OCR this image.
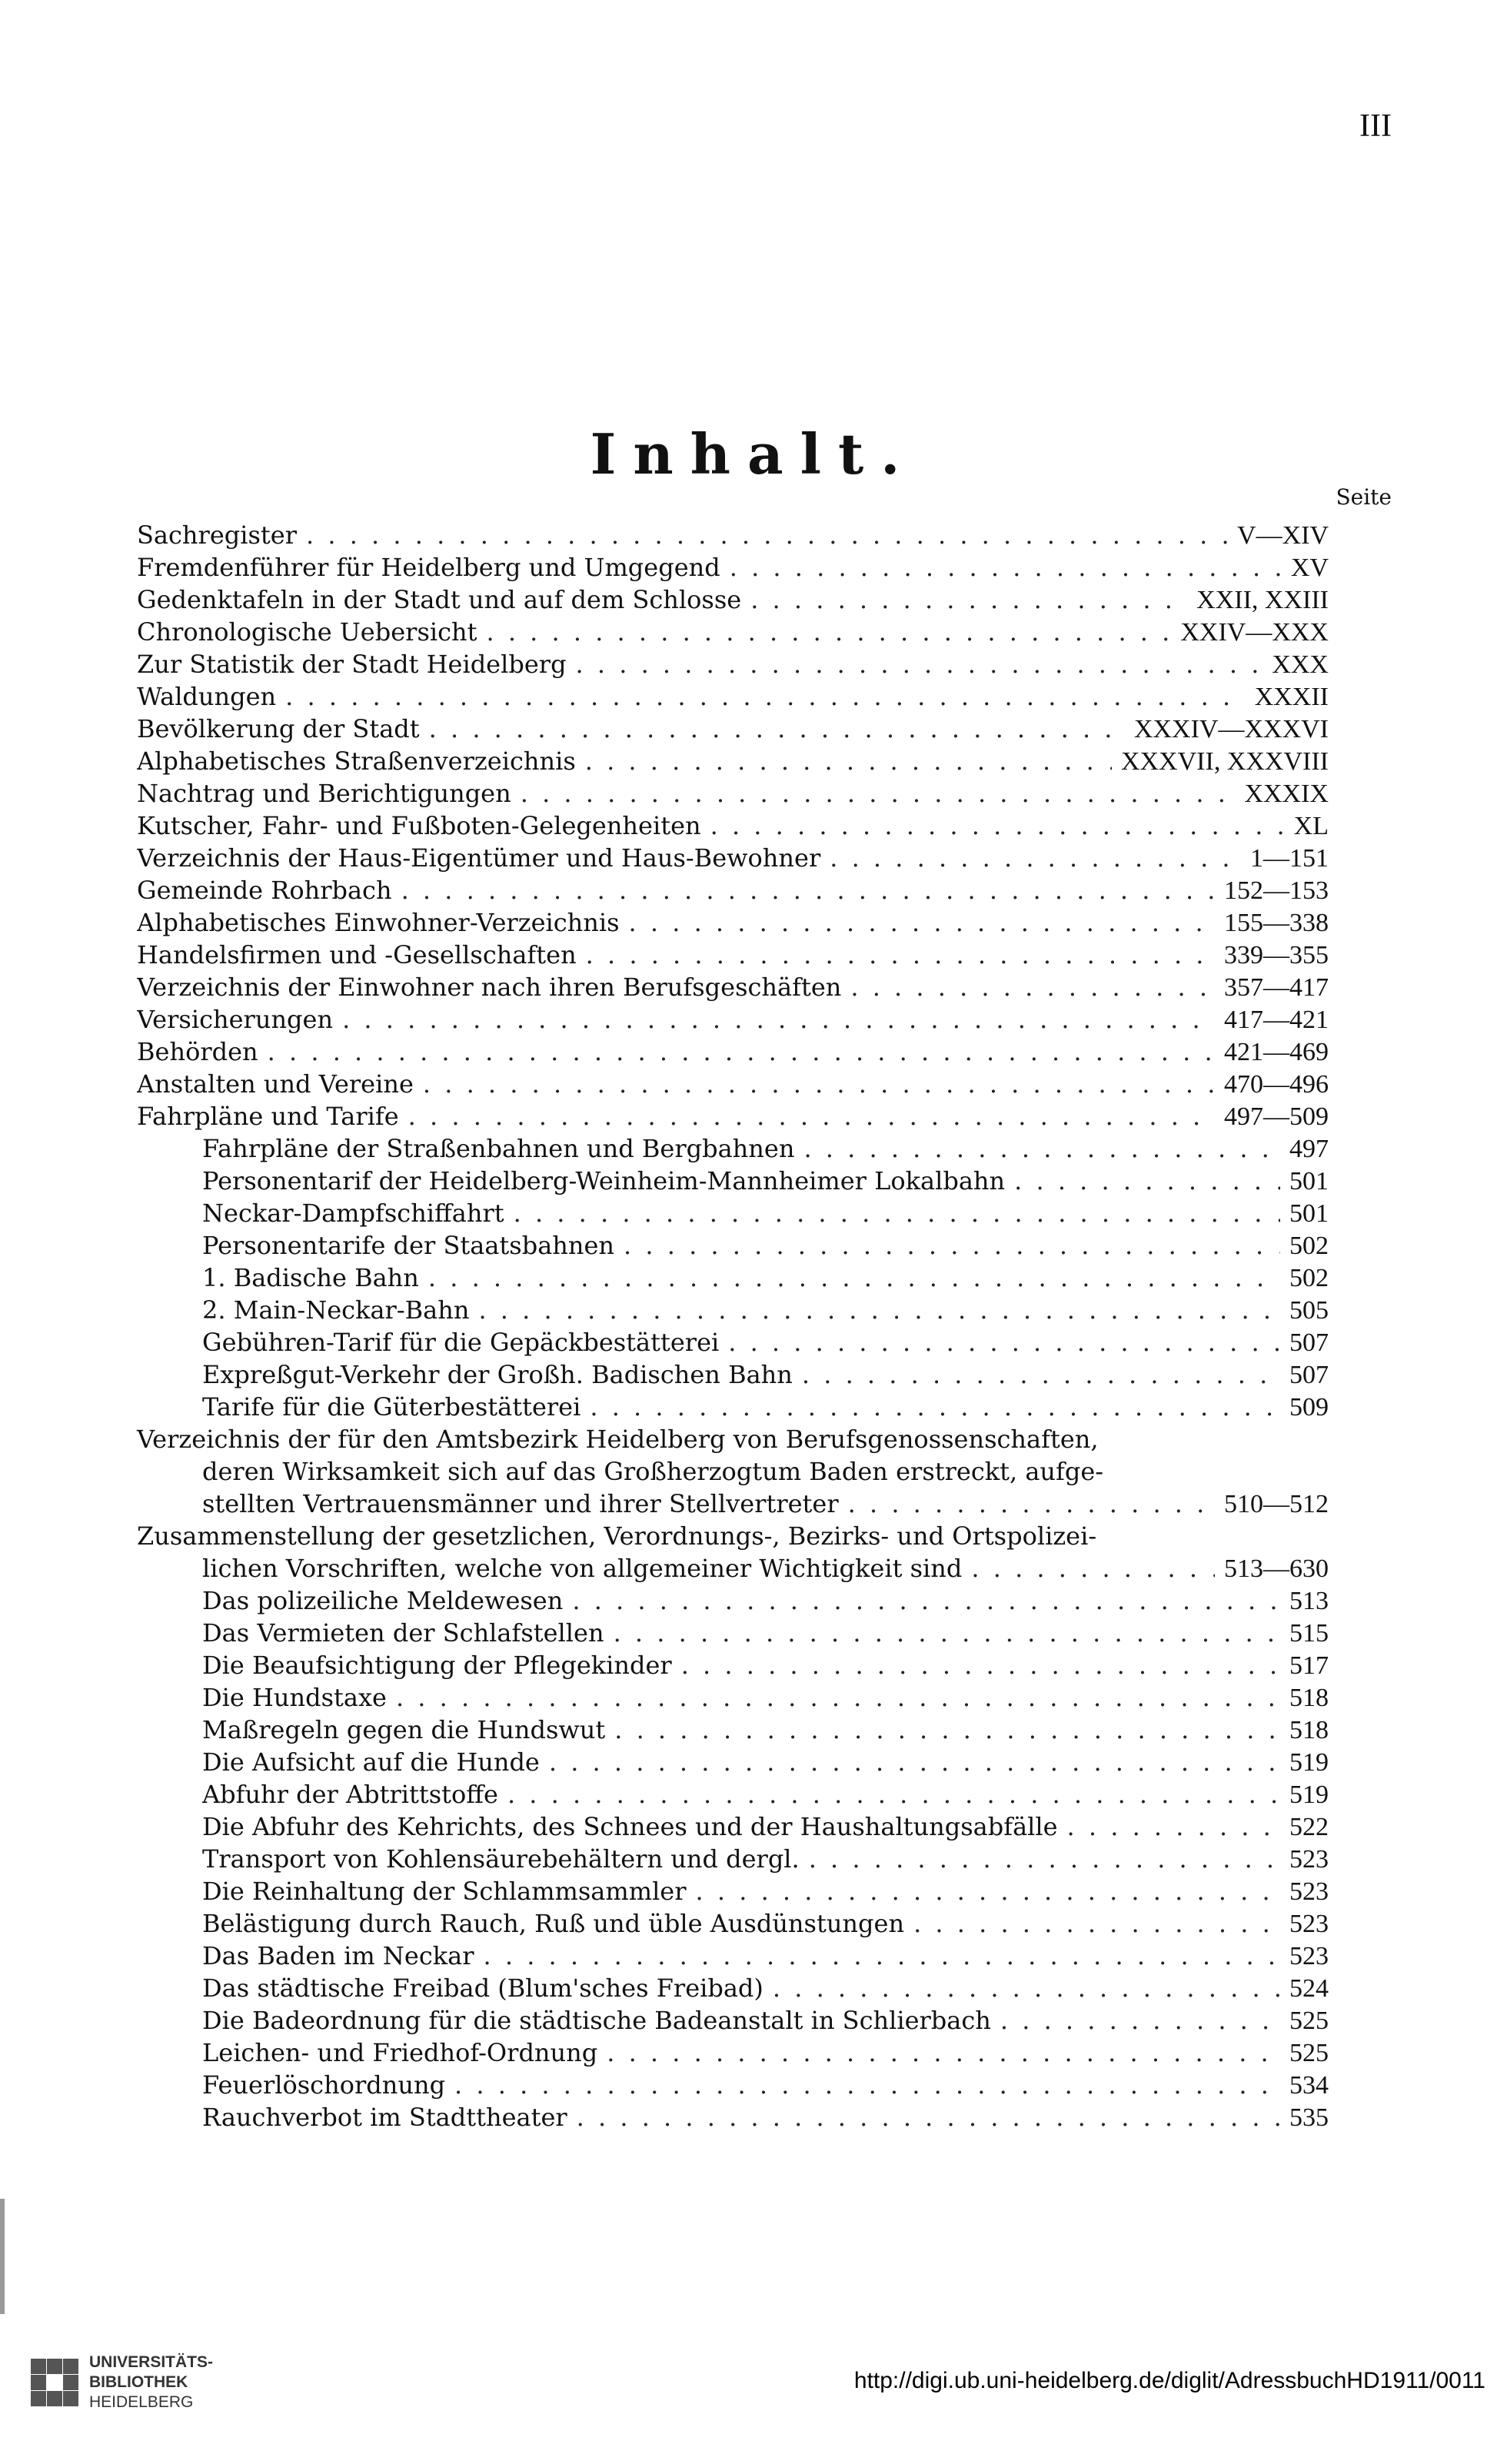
III
Inhalt.
Seite
Sachregister . . .	V—XIV
Fremdenführer für Heidelberg und Umgegend . . .	XV
Gedenktafeln in der Stadt und auf dem Schlosse . . .	XXII, XXIII
Chronologische Uebersicht . . .	XXIV—XXX
Zur Statistik der Stadt Heidelberg . . .	XXX
Waldungen . . .	XXXII
Bevölkerung der Stadt . . .	XXXIV—XXXVI
Alphabetisches Straßenverzeichnis . . .	XXXVII, XXXVIII
Nachtrag und Berichtigungen . . .	XXXIX
Kutscher, Fahr- und Fußboten-Gelegenheiten . . .	XL
Verzeichnis der Haus-Eigentümer und Haus-Bewohner . . .	1—151
Gemeinde Rohrbach . . .	152—153
Alphabetisches Einwohner-Verzeichnis . . .	155—338
Handelsfirmen und -Gesellschaften . . .	339—355
Verzeichnis der Einwohner nach ihren Berufsgeschäften . . .	357—417
Versicherungen . . .	417—421
Behörden . . .	421—469
Anstalten und Vereine . . .	470—496
Fahrpläne und Tarife . . .	497—509
Fahrpläne der Straßenbahnen und Bergbahnen . . .	497
Personentarif der Heidelberg-Weinheim-Mannheimer Lokalbahn . . .	501
Neckar-Dampfschiffahrt . . .	501
Personentarife der Staatsbahnen . . .	502
1. Badische Bahn . . .	502
2. Main-Neckar-Bahn . . .	505
Gebühren-Tarif für die Gepäckbestätterei . . .	507
Expreßgut-Verkehr der Großh. Badischen Bahn . . .	507
Tarife für die Güterbestätterei . . .	509
Verzeichnis der für den Amtsbezirk Heidelberg von Berufsgenossenschaften,
deren Wirksamkeit sich auf das Großherzogtum Baden erstreckt, aufge-
stellten Vertrauensmänner und ihrer Stellvertreter . . .	510—512
Zusammenstellung der gesetzlichen, Verordnungs-, Bezirks- und Ortspolizei-
lichen Vorschriften, welche von allgemeiner Wichtigkeit sind . . .	513—630
Das polizeiliche Meldewesen . . .	513
Das Vermieten der Schlafstellen . . .	515
Die Beaufsichtigung der Pflegekinder . . .	517
Die Hundstaxe . . .	518
Maßregeln gegen die Hundswut . . .	518
Die Aufsicht auf die Hunde . . .	519
Abfuhr der Abtrittstoffe . . .	519
Die Abfuhr des Kehrichts, des Schnees und der Haushaltungsabfälle . . .	522
Transport von Kohlensäurebehältern und dergl. . . .	523
Die Reinhaltung der Schlammsammler . . .	523
Belästigung durch Rauch, Ruß und üble Ausdünstungen . . .	523
Das Baden im Neckar . . .	523
Das städtische Freibad (Blum'sches Freibad) . . .	524
Die Badeordnung für die städtische Badeanstalt in Schlierbach . . .	525
Leichen- und Friedhof-Ordnung . . .	525
Feuerlöschordnung . . .	534
Rauchverbot im Stadttheater . . .	535
UNIVERSITÄTS-
BIBLIOTHEK
HEIDELBERG
http://digi.ub.uni-heidelberg.de/diglit/AdressbuchHD1911/0011
